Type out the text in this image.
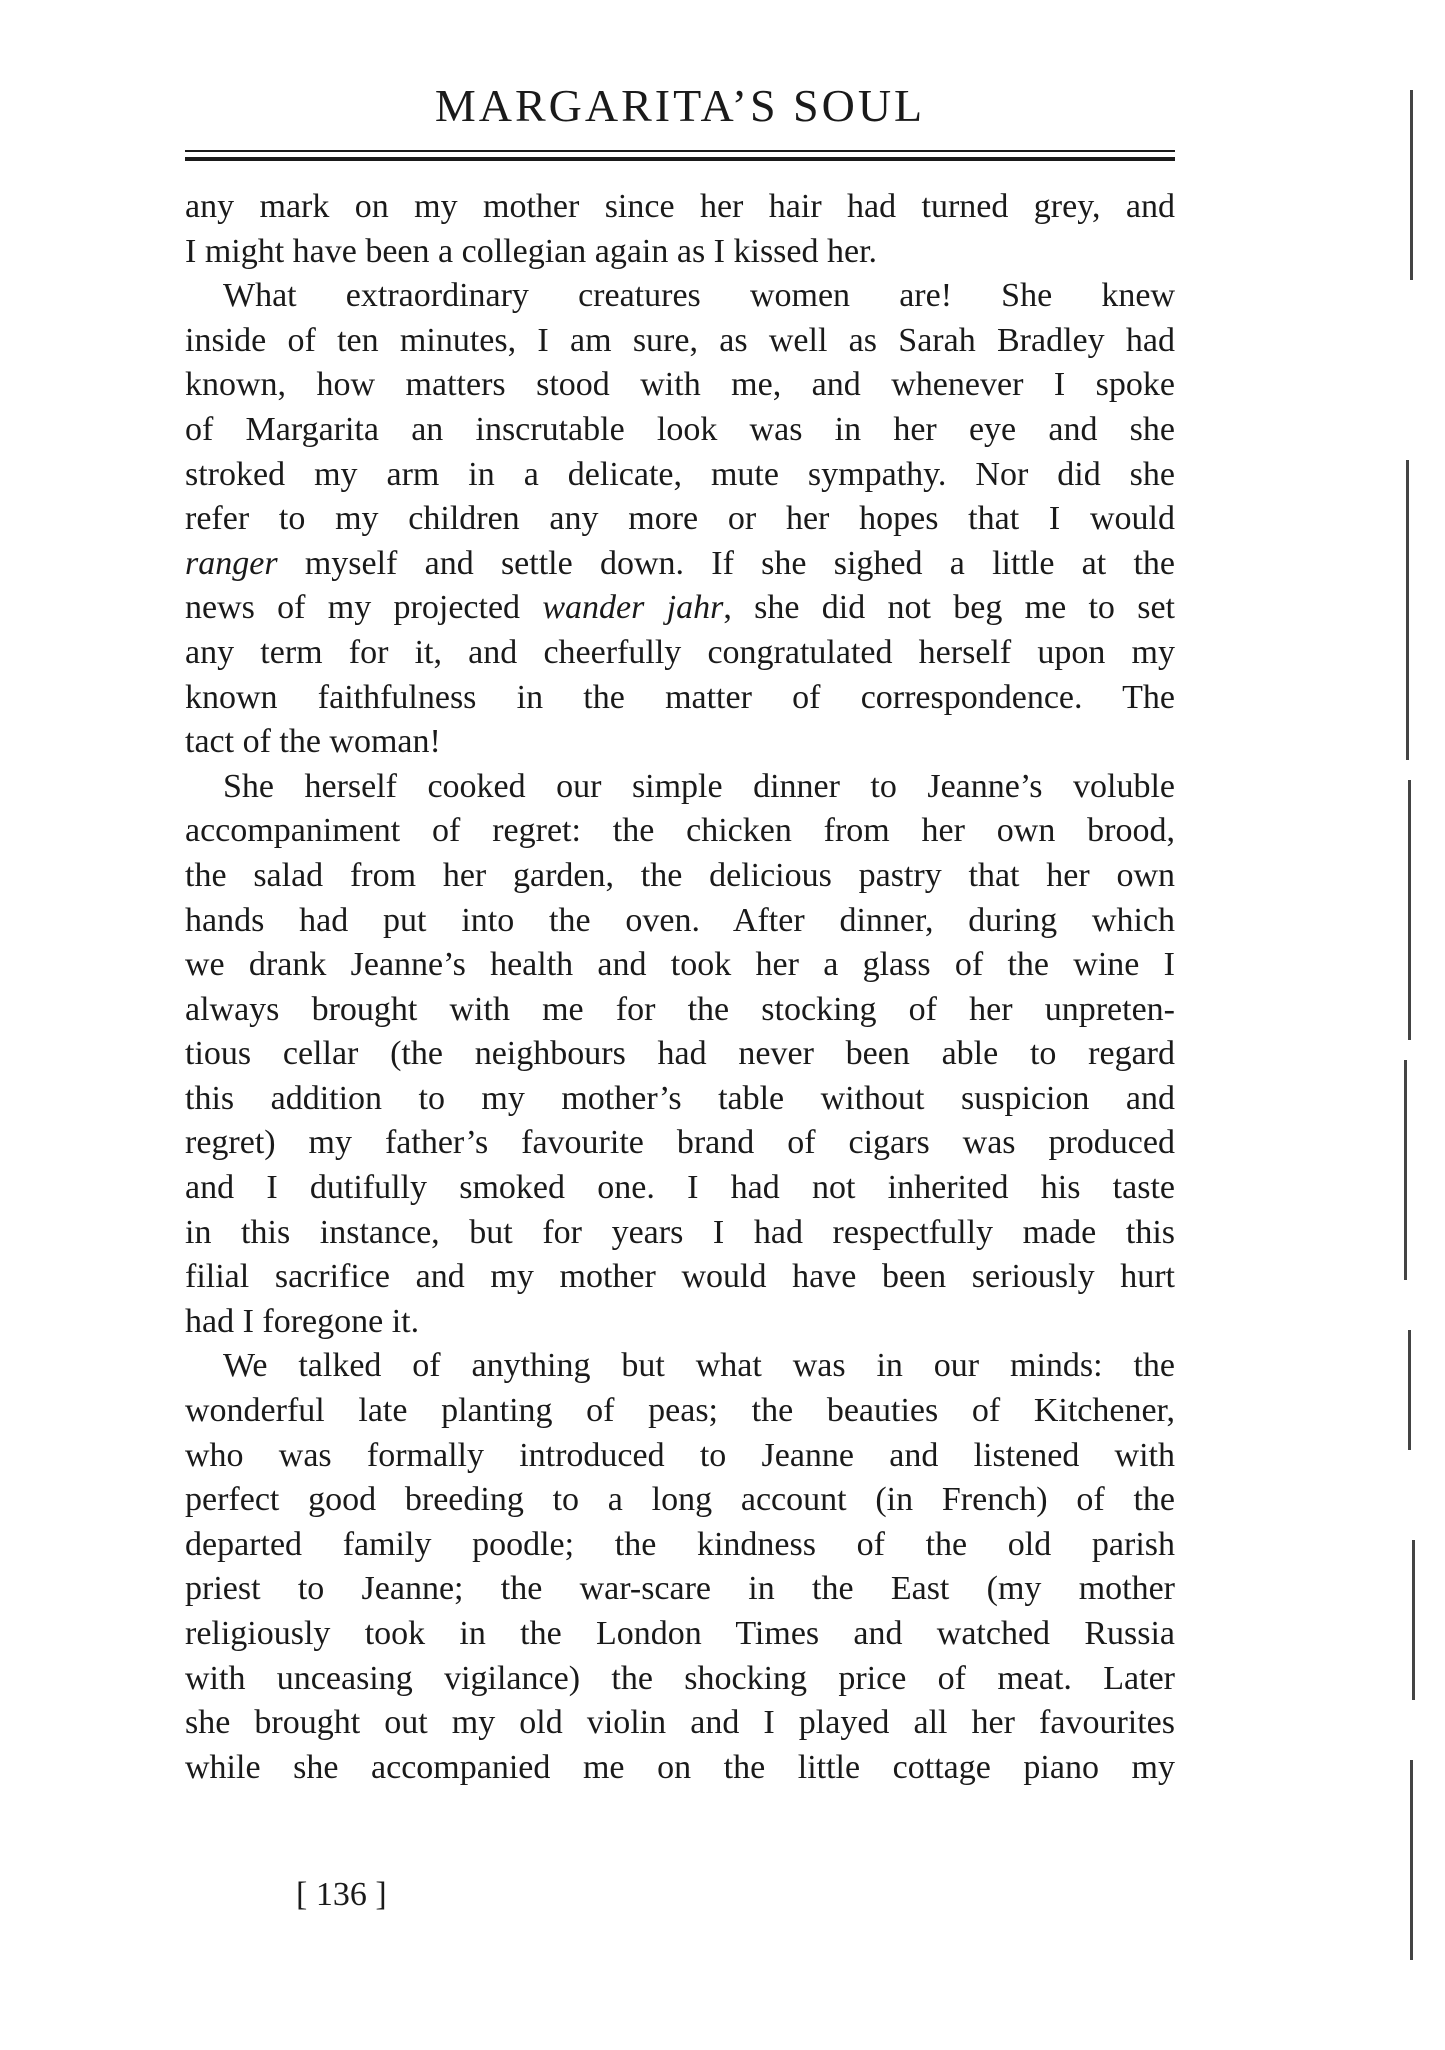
MARGARITA’S SOUL
any mark on my mother since her hair had turned grey, and
I might have been a collegian again as I kissed her.
What extraordinary creatures women are! She knew
inside of ten minutes, I am sure, as well as Sarah Bradley had
known, how matters stood with me, and whenever I spoke
of Margarita an inscrutable look was in her eye and she
stroked my arm in a delicate, mute sympathy. Nor did she
refer to my children any more or her hopes that I would
ranger myself and settle down. If she sighed a little at the
news of my projected wander jahr, she did not beg me to set
any term for it, and cheerfully congratulated herself upon my
known faithfulness in the matter of correspondence. The
tact of the woman!
She herself cooked our simple dinner to Jeanne’s voluble
accompaniment of regret: the chicken from her own brood,
the salad from her garden, the delicious pastry that her own
hands had put into the oven. After dinner, during which
we drank Jeanne’s health and took her a glass of the wine I
always brought with me for the stocking of her unpreten-
tious cellar (the neighbours had never been able to regard
this addition to my mother’s table without suspicion and
regret) my father’s favourite brand of cigars was produced
and I dutifully smoked one. I had not inherited his taste
in this instance, but for years I had respectfully made this
filial sacrifice and my mother would have been seriously hurt
had I foregone it.
We talked of anything but what was in our minds: the
wonderful late planting of peas; the beauties of Kitchener,
who was formally introduced to Jeanne and listened with
perfect good breeding to a long account (in French) of the
departed family poodle; the kindness of the old parish
priest to Jeanne; the war-scare in the East (my mother
religiously took in the London Times and watched Russia
with unceasing vigilance) the shocking price of meat. Later
she brought out my old violin and I played all her favourites
while she accompanied me on the little cottage piano my
[ 136 ]
